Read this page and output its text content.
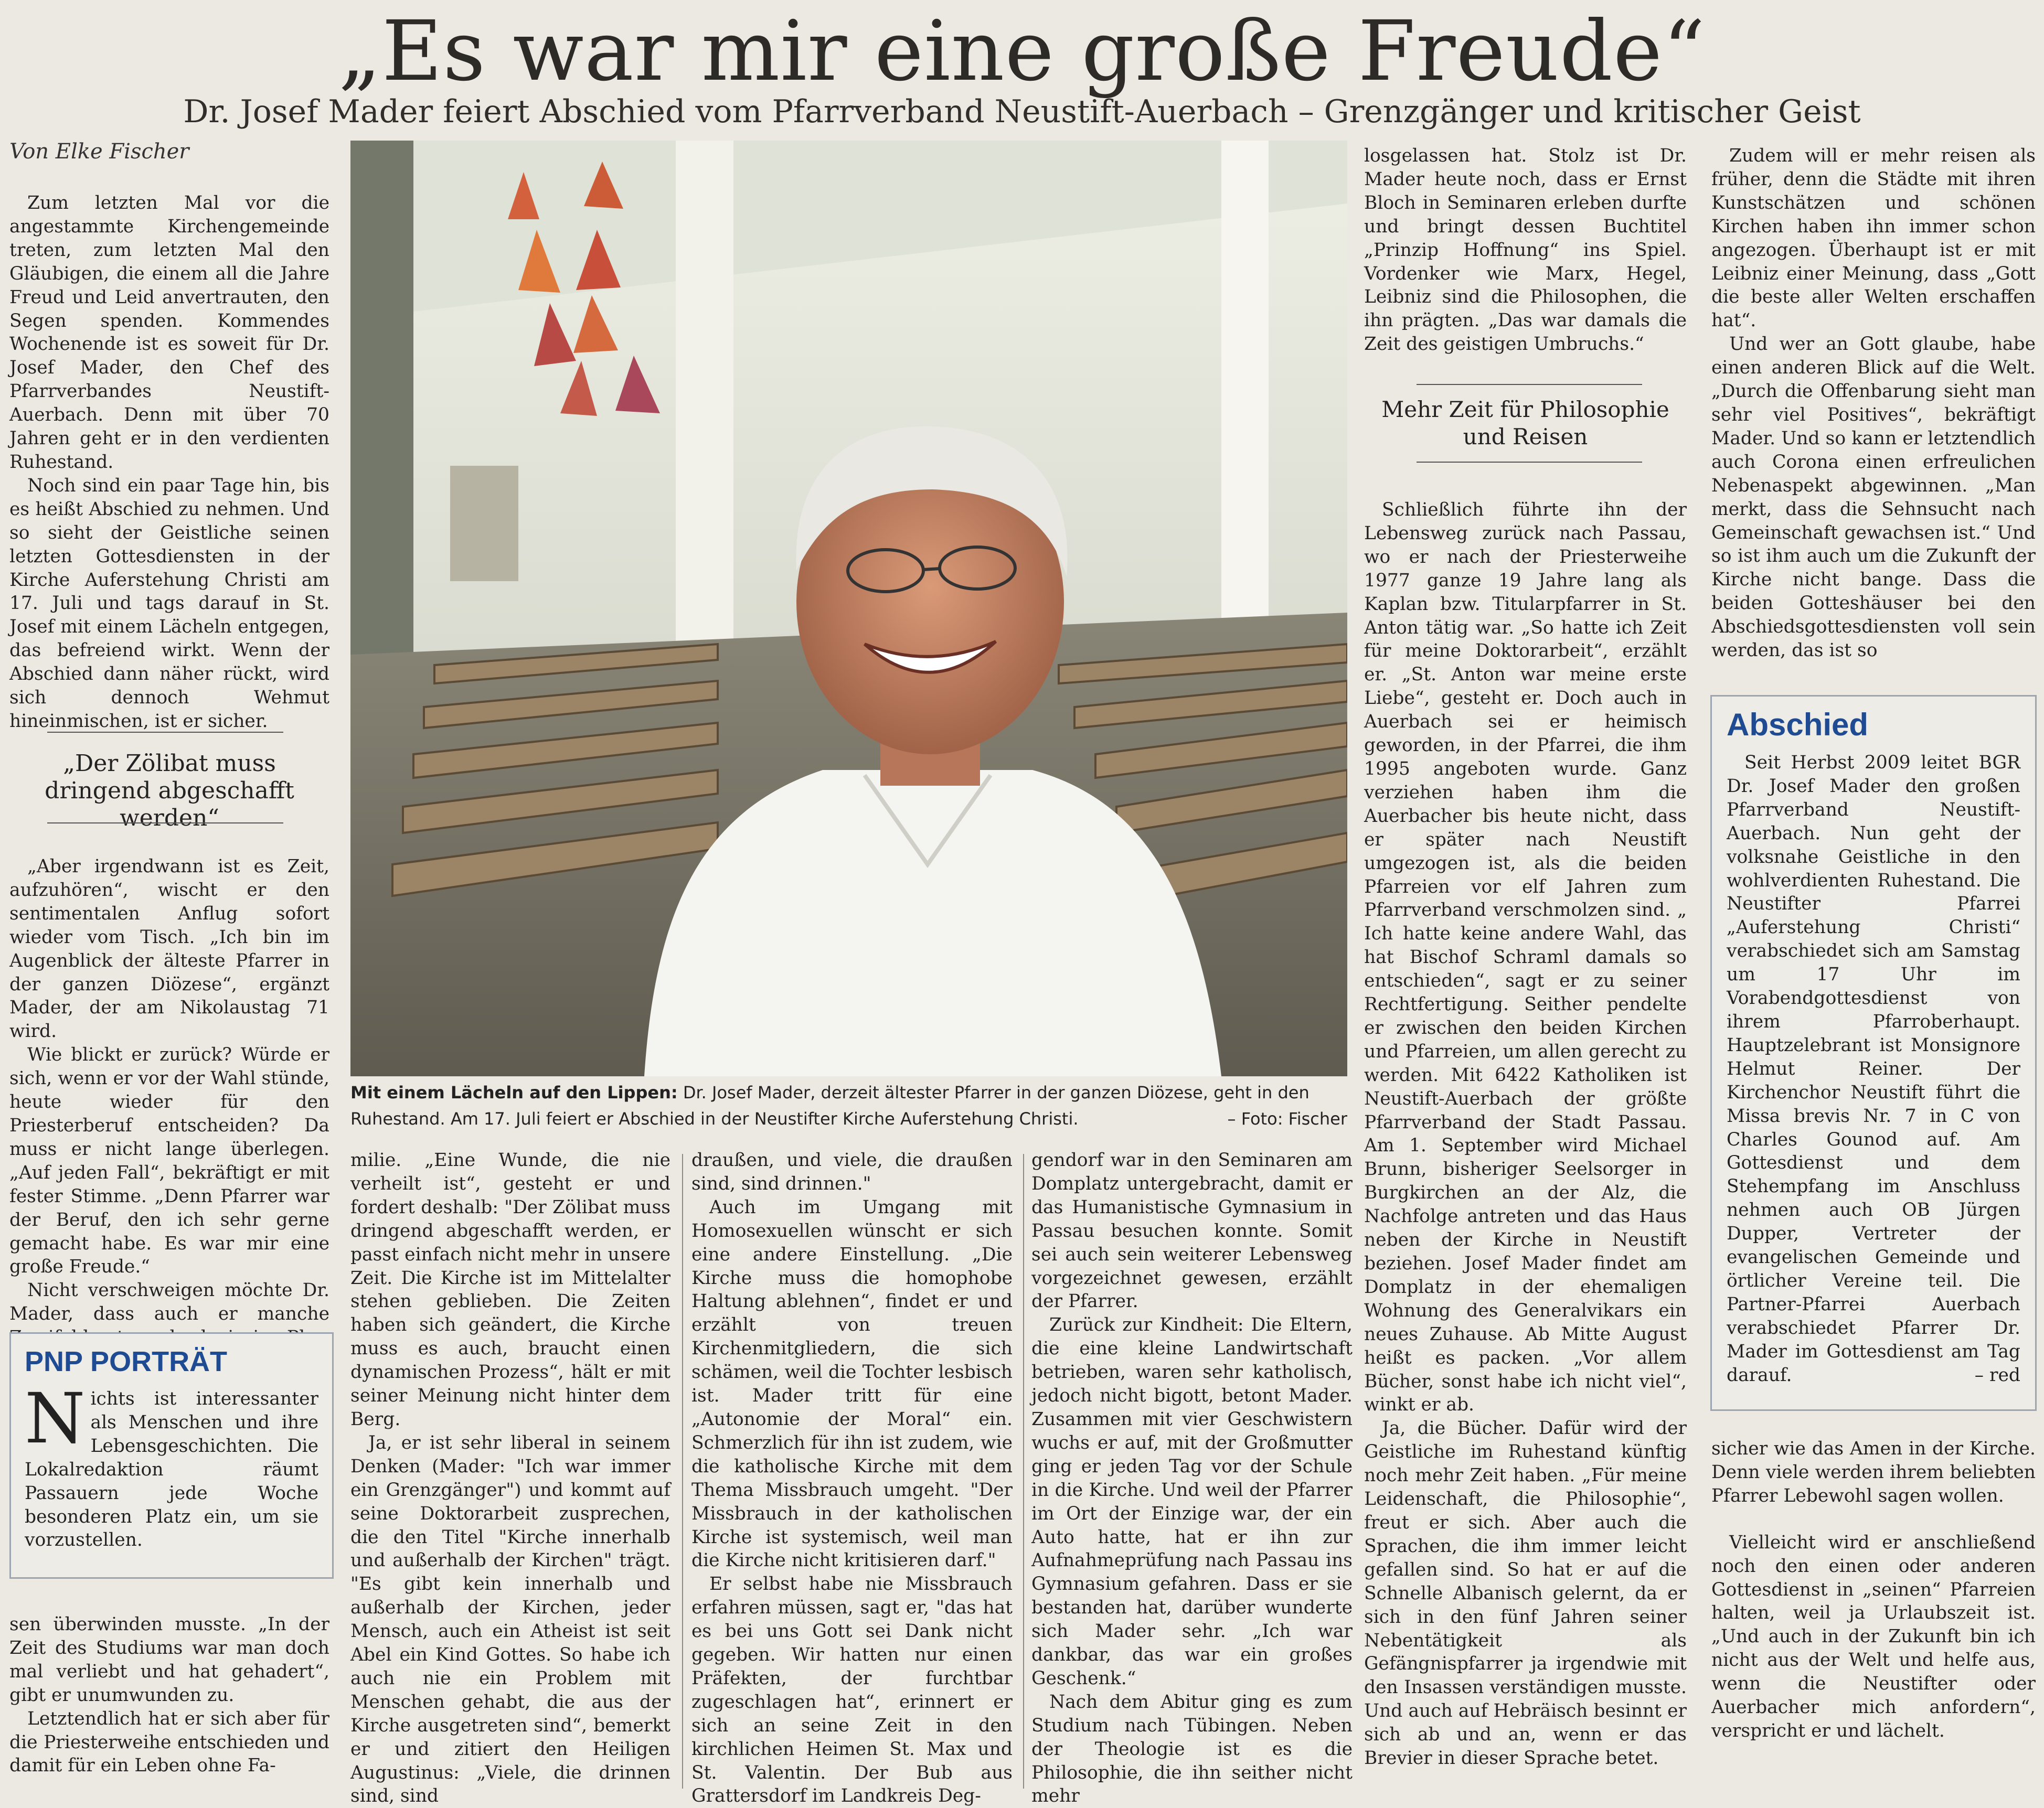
„Es war mir eine große Freude“
Dr. Josef Mader feiert Abschied vom Pfarrverband Neustift-Auerbach – Grenzgänger und kritischer Geist
Von Elke Fischer

Zum letzten Mal vor die angestammte Kirchengemeinde treten, zum letzten Mal den Gläubigen, die einem all die Jahre Freud und Leid anvertrauten, den Segen spenden. Kommendes Wochenende ist es soweit für Dr. Josef Mader, den Chef des Pfarrverbandes Neustift-Auerbach. Denn mit über 70 Jahren geht er in den verdienten Ruhestand.

Noch sind ein paar Tage hin, bis es heißt Abschied zu nehmen. Und so sieht der Geistliche seinen letzten Gottesdiensten in der Kirche Auferstehung Christi am 17. Juli und tags darauf in St. Josef mit einem Lächeln entgegen, das befreiend wirkt. Wenn der Abschied dann näher rückt, wird sich dennoch Wehmut hineinmischen, ist er sicher.

„Der Zölibat muss dringend abgeschafft werden“

„Aber irgendwann ist es Zeit, aufzuhören“, wischt er den sentimentalen Anflug sofort wieder vom Tisch. „Ich bin im Augenblick der älteste Pfarrer in der ganzen Diözese“, ergänzt Mader, der am Nikolaustag 71 wird.

Wie blickt er zurück? Würde er sich, wenn er vor der Wahl stünde, heute wieder für den Priesterberuf entscheiden? Da muss er nicht lange überlegen. „Auf jeden Fall“, bekräftigt er mit fester Stimme. „Denn Pfarrer war der Beruf, den ich sehr gerne gemacht habe. Es war mir eine große Freude.“

Nicht verschweigen möchte Dr. Mader, dass auch er manche

PNP PORTRÄT
N ichts ist interessanter als Menschen und ihre Lebensgeschichten. Die Lokalredaktion räumt Passauern jede Woche besonderen Platz ein, um sie vorzustellen.

sen überwinden musste. „In der Zeit des Studiums war man doch mal verliebt und hat gehadert“, gibt er unumwunden zu.

Letztendlich hat er sich aber für die Priesterweihe entschieden und damit für ein Leben ohne Fa-

Mit einem Lächeln auf den Lippen: Dr. Josef Mader, derzeit ältester Pfarrer in der ganzen Diözese, geht in den Ruhestand. Am 17. Juli feiert er Abschied in der Neustifter Kirche Auferstehung Christi.	– Foto: Fischer

milie. „Eine Wunde, die nie verheilt ist“, gesteht er und fordert deshalb: "Der Zölibat muss dringend abgeschafft werden, er passt einfach nicht mehr in unsere Zeit. Die Kirche ist im Mittelalter stehen geblieben. Die Zeiten haben sich geändert, die Kirche muss es auch, braucht einen dynamischen Prozess“, hält er mit seiner Meinung nicht hinter dem Berg.

Ja, er ist sehr liberal in seinem Denken (Mader: "Ich war immer ein Grenzgänger") und kommt auf seine Doktorarbeit zusprechen, die den Titel "Kirche innerhalb und außerhalb der Kirchen" trägt. "Es gibt kein innerhalb und außerhalb der Kirchen, jeder Mensch, auch ein Atheist ist seit Abel ein Kind Gottes. So habe ich auch nie ein Problem mit Menschen gehabt, die aus der Kirche ausgetreten sind“, bemerkt er und zitiert den Heiligen Augustinus: „Viele, die drinnen sind, sind

draußen, und viele, die draußen sind, sind drinnen."

Auch im Umgang mit Homosexuellen wünscht er sich eine andere Einstellung. „Die Kirche muss die homophobe Haltung ablehnen“, findet er und erzählt von treuen Kirchenmitgliedern, die sich schämen, weil die Tochter lesbisch ist. Mader tritt für eine „Autonomie der Moral“ ein. Schmerzlich für ihn ist zudem, wie die katholische Kirche mit dem Thema Missbrauch umgeht. "Der Missbrauch in der katholischen Kirche ist systemisch, weil man die Kirche nicht kritisieren darf."

Er selbst habe nie Missbrauch erfahren müssen, sagt er, "das hat es bei uns Gott sei Dank nicht gegeben. Wir hatten nur einen Präfekten, der furchtbar zugeschlagen hat“, erinnert er sich an seine Zeit in den kirchlichen Heimen St. Max und St. Valentin. Der Bub aus Grattersdorf im Landkreis Deg-

gendorf war in den Seminaren am Domplatz untergebracht, damit er das Humanistische Gymnasium in Passau besuchen konnte. Somit sei auch sein weiterer Lebensweg vorgezeichnet gewesen, erzählt der Pfarrer.

Zurück zur Kindheit: Die Eltern, die eine kleine Landwirtschaft betrieben, waren sehr katholisch, jedoch nicht bigott, betont Mader. Zusammen mit vier Geschwistern wuchs er auf, mit der Großmutter ging er jeden Tag vor der Schule in die Kirche. Und weil der Pfarrer im Ort der Einzige war, der ein Auto hatte, hat er ihn zur Aufnahmeprüfung nach Passau ins Gymnasium gefahren. Dass er sie bestanden hat, darüber wunderte sich Mader sehr. „Ich war dankbar, das war ein großes Geschenk.“

Nach dem Abitur ging es zum Studium nach Tübingen. Neben der Theologie ist es die Philosophie, die ihn seither nicht mehr

losgelassen hat. Stolz ist Dr. Mader heute noch, dass er Ernst Bloch in Seminaren erleben durfte und bringt dessen Buchtitel „Prinzip Hoffnung“ ins Spiel. Vordenker wie Marx, Hegel, Leibniz sind die Philosophen, die ihn prägten. „Das war damals die Zeit des geistigen Umbruchs.“

Mehr Zeit für Philosophie und Reisen

Schließlich führte ihn der Lebensweg zurück nach Passau, wo er nach der Priesterweihe 1977 ganze 19 Jahre lang als Kaplan bzw. Titularpfarrer in St. Anton tätig war. „So hatte ich Zeit für meine Doktorarbeit“, erzählt er. „St. Anton war meine erste Liebe“, gesteht er. Doch auch in Auerbach sei er heimisch geworden, in der Pfarrei, die ihm 1995 angeboten wurde. Ganz verziehen haben ihm die Auerbacher bis heute nicht, dass er später nach Neustift umgezogen ist, als die beiden Pfarreien vor elf Jahren zum Pfarrverband verschmolzen sind. „ Ich hatte keine andere Wahl, das hat Bischof Schraml damals so entschieden“, sagt er zu seiner Rechtfertigung. Seither pendelte er zwischen den beiden Kirchen und Pfarreien, um allen gerecht zu werden. Mit 6422 Katholiken ist Neustift-Auerbach der größte Pfarrverband der Stadt Passau. Am 1. September wird Michael Brunn, bisheriger Seelsorger in Burgkirchen an der Alz, die Nachfolge antreten und das Haus neben der Kirche in Neustift beziehen. Josef Mader findet am Domplatz in der ehemaligen Wohnung des Generalvikars ein neues Zuhause. Ab Mitte August heißt es packen. „Vor allem Bücher, sonst habe ich nicht viel“, winkt er ab.

Ja, die Bücher. Dafür wird der Geistliche im Ruhestand künftig noch mehr Zeit haben. „Für meine Leidenschaft, die Philosophie“, freut er sich. Aber auch die Sprachen, die ihm immer leicht gefallen sind. So hat er auf die Schnelle Albanisch gelernt, da er sich in den fünf Jahren seiner Nebentätigkeit als Gefängnispfarrer ja irgendwie mit den Insassen verständigen musste. Und auch auf Hebräisch besinnt er sich ab und an, wenn er das Brevier in dieser Sprache betet.

Zudem will er mehr reisen als früher, denn die Städte mit ihren Kunstschätzen und schönen Kirchen haben ihn immer schon angezogen. Überhaupt ist er mit Leibniz einer Meinung, dass „Gott die beste aller Welten erschaffen hat“.

Und wer an Gott glaube, habe einen anderen Blick auf die Welt. „Durch die Offenbarung sieht man sehr viel Positives“, bekräftigt Mader. Und so kann er letztendlich auch Corona einen erfreulichen Nebenaspekt abgewinnen. „Man merkt, dass die Sehnsucht nach Gemeinschaft gewachsen ist.“ Und so ist ihm auch um die Zukunft der Kirche nicht bange. Dass die beiden Gotteshäuser bei den Abschiedsgottesdiensten voll sein werden, das ist so

Abschied

Seit Herbst 2009 leitet BGR Dr. Josef Mader den großen Pfarrverband Neustift-Auerbach. Nun geht der volksnahe Geistliche in den wohlverdienten Ruhestand. Die Neustifter Pfarrei „Auferstehung Christi“ verabschiedet sich am Samstag um 17 Uhr im Vorabendgottesdienst von ihrem Pfarroberhaupt. Hauptzelebrant ist Monsignore Helmut Reiner. Der Kirchenchor Neustift führt die Missa brevis Nr. 7 in C von Charles Gounod auf. Am Gottesdienst und dem Stehempfang im Anschluss nehmen auch OB Jürgen Dupper, Vertreter der evangelischen Gemeinde und örtlicher Vereine teil. Die Partner-Pfarrei Auerbach verabschiedet Pfarrer Dr. Mader im Gottesdienst am Tag darauf.	– red

sicher wie das Amen in der Kirche. Denn viele werden ihrem beliebten Pfarrer Lebewohl sagen wollen.

Vielleicht wird er anschließend noch den einen oder anderen Gottesdienst in „seinen“ Pfarreien halten, weil ja Urlaubszeit ist. „Und auch in der Zukunft bin ich nicht aus der Welt und helfe aus, wenn die Neustifter oder Auerbacher mich anfordern“, verspricht er und lächelt.
